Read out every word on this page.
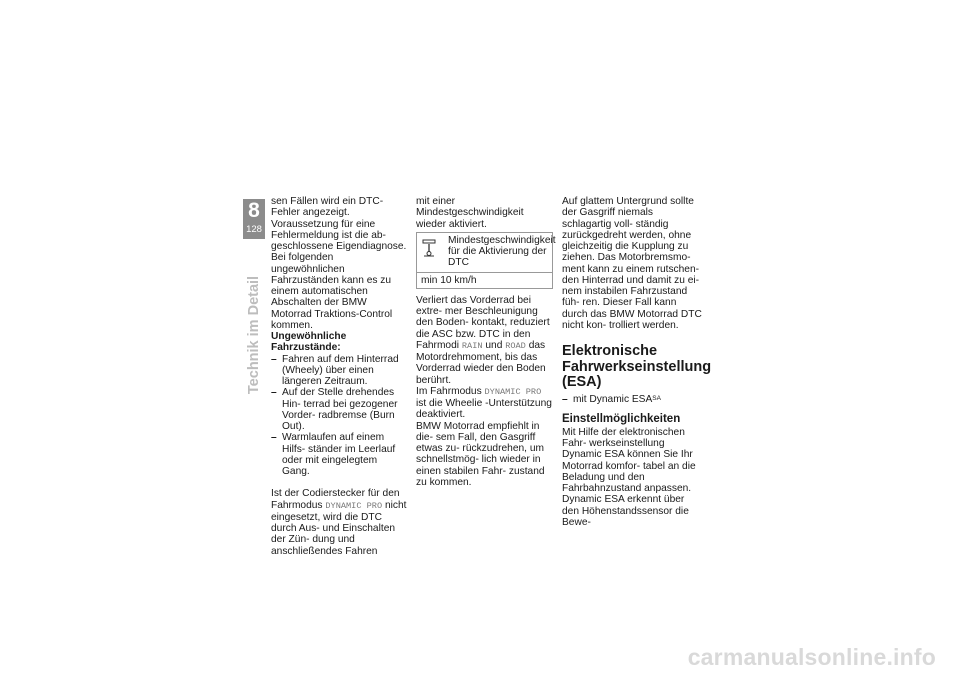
8
128
Technik im Detail

sen Fällen wird ein DTC-Fehler angezeigt. Voraussetzung für eine Fehlermeldung ist die ab- geschlossene Eigendiagnose.

Bei folgenden ungewöhnlichen Fahrzuständen kann es zu einem automatischen Abschalten der BMW Motorrad Traktions-Control kommen.

Ungewöhnliche Fahrzustände:

– Fahren auf dem Hinterrad (Wheely) über einen längeren Zeitraum.
– Auf der Stelle drehendes Hin- terrad bei gezogener Vorder- radbremse (Burn Out).
– Warmlaufen auf einem Hilfs- ständer im Leerlauf oder mit eingelegtem Gang.

Ist der Codierstecker für den Fahrmodus DYNAMIC PRO nicht eingesetzt, wird die DTC durch Aus- und Einschalten der Zün- dung und anschließendes Fahren

mit einer Mindestgeschwindigkeit wieder aktiviert.

Mindestgeschwindigkeit für die Aktivierung der DTC
min 10 km/h

Verliert das Vorderrad bei extre- mer Beschleunigung den Boden- kontakt, reduziert die ASC bzw. DTC in den Fahrmodi RAIN und ROAD das Motordrehmoment, bis das Vorderrad wieder den Boden berührt.

Im Fahrmodus DYNAMIC PRO ist die Wheelie -Unterstützung deaktiviert.

BMW Motorrad empfiehlt in die- sem Fall, den Gasgriff etwas zu- rückzudrehen, um schnellstmög- lich wieder in einen stabilen Fahr- zustand zu kommen.

Auf glattem Untergrund sollte der Gasgriff niemals schlagartig voll- ständig zurückgedreht werden, ohne gleichzeitig die Kupplung zu ziehen. Das Motorbremsmo- ment kann zu einem rutschen- den Hinterrad und damit zu ei- nem instabilen Fahrzustand füh- ren. Dieser Fall kann durch das BMW Motorrad DTC nicht kon- trolliert werden.

Elektronische Fahrwerkseinstellung (ESA)
– mit Dynamic $ESA^{SA}$
Einstellmöglichkeiten

Mit Hilfe der elektronischen Fahr- werkseinstellung Dynamic ESA können Sie Ihr Motorrad komfor- tabel an die Beladung und den Fahrbahnzustand anpassen.

Dynamic ESA erkennt über den Höhenstandssensor die Bewe-

carmanualsonline.info
